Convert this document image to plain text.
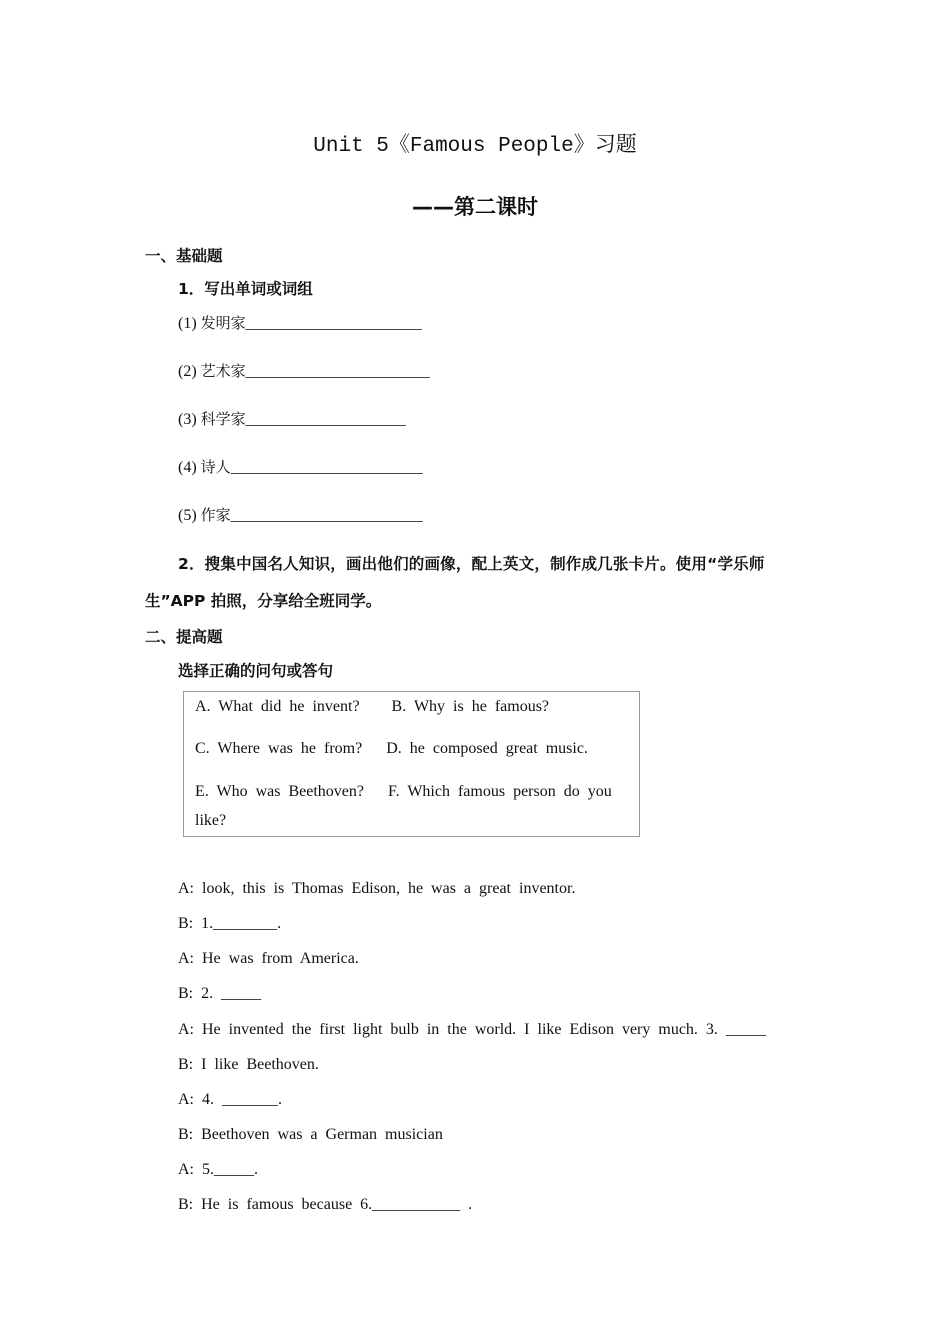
Unit 5《Famous People》习题
——第二课时
一、基础题
1．写出单词或词组
(1) 发明家______________________
(2) 艺术家_______________________
(3) 科学家____________________
(4) 诗人________________________
(5) 作家________________________
2．搜集中国名人知识，画出他们的画像，配上英文，制作成几张卡片。使用“学乐师
生”APP 拍照，分享给全班同学。
二、提高题
选择正确的问句或答句
A. What did he invent?    B. Why is he famous?
C. Where was he from?   D. he composed great music.
E. Who was Beethoven?   F. Which famous person do you
like?
A: look, this is Thomas Edison, he was a great inventor.
B: 1.________.
A: He was from America.
B: 2. _____
A: He invented the first light bulb in the world. I like Edison very much. 3. _____
B: I like Beethoven.
A: 4. _______.
B: Beethoven was a German musician
A: 5._____.
B: He is famous because 6.___________ .
